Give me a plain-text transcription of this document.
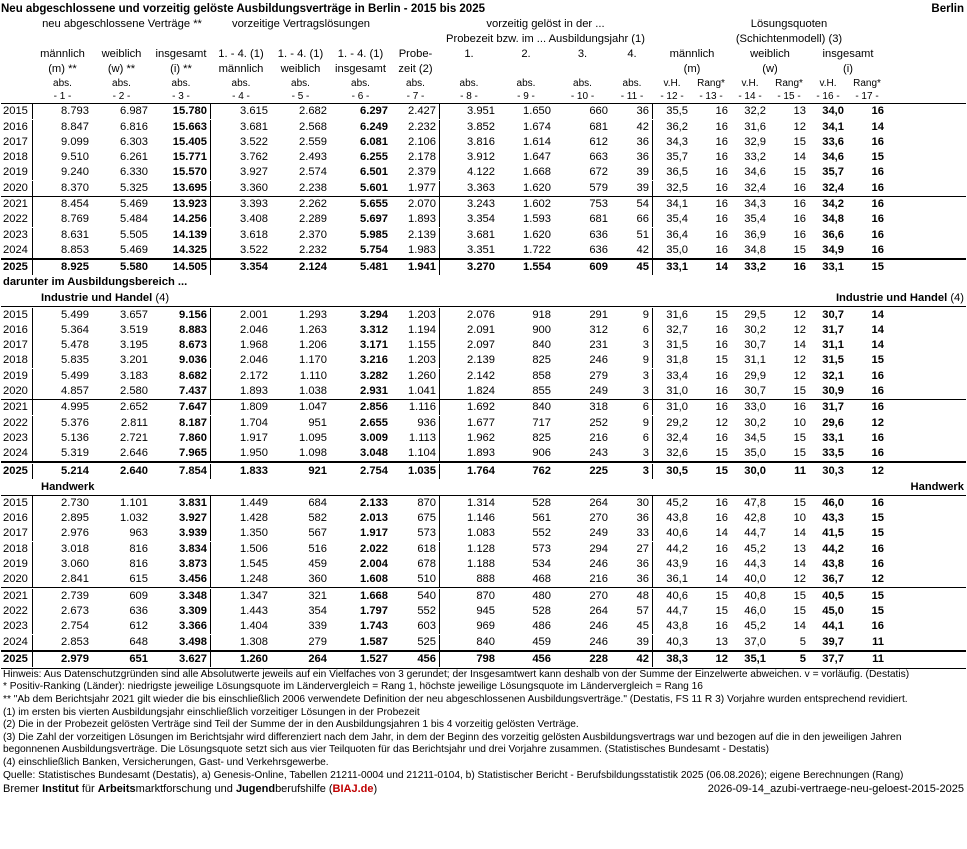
Neu abgeschlossene und vorzeitig gelöste Ausbildungsverträge in Berlin - 2015 bis 2025	Berlin
neu abgeschlossene Verträge **	vorzeitige Vertragslösungen	vorzeitig gelöst in der ...	Lösungsquoten
Probezeit bzw. im ... Ausbildungsjahr (1)	(Schichtenmodell) (3)
männlich	weiblich	insgesamt	1. - 4. (1)	1. - 4. (1)	1. - 4. (1)	Probe-	1.	2.	3.	4.	männlich	weiblich	insgesamt
(m) **	(w) **	(i) **	männlich	weiblich	insgesamt	zeit (2)	(m)	(w)	(i)
abs.	abs.	abs.	abs.	abs.	abs.	abs.	abs.	abs.	abs.	abs.	v.H.	Rang*	v.H.	Rang*	v.H.	Rang*
- 1 -	- 2 -	- 3 -	- 4 -	- 5 -	- 6 -	- 7 -	- 8 -	- 9 -	- 10 -	- 11 -	- 12 -	- 13 -	- 14 -	- 15 -	- 16 -	- 17 -
2015	8.793	6.987	15.780	3.615	2.682	6.297	2.427	3.951	1.650	660	36	35,5	16	32,2	13	34,0	16
2016	8.847	6.816	15.663	3.681	2.568	6.249	2.232	3.852	1.674	681	42	36,2	16	31,6	12	34,1	14
2017	9.099	6.303	15.405	3.522	2.559	6.081	2.106	3.816	1.614	612	36	34,3	16	32,9	15	33,6	16
2018	9.510	6.261	15.771	3.762	2.493	6.255	2.178	3.912	1.647	663	36	35,7	16	33,2	14	34,6	15
2019	9.240	6.330	15.570	3.927	2.574	6.501	2.379	4.122	1.668	672	39	36,5	16	34,6	15	35,7	16
2020	8.370	5.325	13.695	3.360	2.238	5.601	1.977	3.363	1.620	579	39	32,5	16	32,4	16	32,4	16
2021	8.454	5.469	13.923	3.393	2.262	5.655	2.070	3.243	1.602	753	54	34,1	16	34,3	16	34,2	16
2022	8.769	5.484	14.256	3.408	2.289	5.697	1.893	3.354	1.593	681	66	35,4	16	35,4	16	34,8	16
2023	8.631	5.505	14.139	3.618	2.370	5.985	2.139	3.681	1.620	636	51	36,4	16	36,9	16	36,6	16
2024	8.853	5.469	14.325	3.522	2.232	5.754	1.983	3.351	1.722	636	42	35,0	16	34,8	15	34,9	16
2025	8.925	5.580	14.505	3.354	2.124	5.481	1.941	3.270	1.554	609	45	33,1	14	33,2	16	33,1	15
darunter im Ausbildungsbereich ...
Industrie und Handel (4)	Industrie und Handel (4)
2015	5.499	3.657	9.156	2.001	1.293	3.294	1.203	2.076	918	291	9	31,6	15	29,5	12	30,7	14
2016	5.364	3.519	8.883	2.046	1.263	3.312	1.194	2.091	900	312	6	32,7	16	30,2	12	31,7	14
2017	5.478	3.195	8.673	1.968	1.206	3.171	1.155	2.097	840	231	3	31,5	16	30,7	14	31,1	14
2018	5.835	3.201	9.036	2.046	1.170	3.216	1.203	2.139	825	246	9	31,8	15	31,1	12	31,5	15
2019	5.499	3.183	8.682	2.172	1.110	3.282	1.260	2.142	858	279	3	33,4	16	29,9	12	32,1	16
2020	4.857	2.580	7.437	1.893	1.038	2.931	1.041	1.824	855	249	3	31,0	16	30,7	15	30,9	16
2021	4.995	2.652	7.647	1.809	1.047	2.856	1.116	1.692	840	318	6	31,0	16	33,0	16	31,7	16
2022	5.376	2.811	8.187	1.704	951	2.655	936	1.677	717	252	9	29,2	12	30,2	10	29,6	12
2023	5.136	2.721	7.860	1.917	1.095	3.009	1.113	1.962	825	216	6	32,4	16	34,5	15	33,1	16
2024	5.319	2.646	7.965	1.950	1.098	3.048	1.104	1.893	906	243	3	32,6	15	35,0	15	33,5	16
2025	5.214	2.640	7.854	1.833	921	2.754	1.035	1.764	762	225	3	30,5	15	30,0	11	30,3	12
Handwerk	Handwerk
2015	2.730	1.101	3.831	1.449	684	2.133	870	1.314	528	264	30	45,2	16	47,8	15	46,0	16
2016	2.895	1.032	3.927	1.428	582	2.013	675	1.146	561	270	36	43,8	16	42,8	10	43,3	15
2017	2.976	963	3.939	1.350	567	1.917	573	1.083	552	249	33	40,6	14	44,7	14	41,5	15
2018	3.018	816	3.834	1.506	516	2.022	618	1.128	573	294	27	44,2	16	45,2	13	44,2	16
2019	3.060	816	3.873	1.545	459	2.004	678	1.188	534	246	36	43,9	16	44,3	14	43,8	16
2020	2.841	615	3.456	1.248	360	1.608	510	888	468	216	36	36,1	14	40,0	12	36,7	12
2021	2.739	609	3.348	1.347	321	1.668	540	870	480	270	48	40,6	15	40,8	15	40,5	15
2022	2.673	636	3.309	1.443	354	1.797	552	945	528	264	57	44,7	15	46,0	15	45,0	15
2023	2.754	612	3.366	1.404	339	1.743	603	969	486	246	45	43,8	16	45,2	14	44,1	16
2024	2.853	648	3.498	1.308	279	1.587	525	840	459	246	39	40,3	13	37,0	5	39,7	11
2025	2.979	651	3.627	1.260	264	1.527	456	798	456	228	42	38,3	12	35,1	5	37,7	11
Hinweis: Aus Datenschutzgründen sind alle Absolutwerte jeweils auf ein Vielfaches von 3 gerundet; der Insgesamtwert kann deshalb von der Summe der Einzelwerte abweichen. v = vorläufig. (Destatis)
* Positiv-Ranking (Länder): niedrigste jeweilige Lösungsquote im Ländervergleich = Rang 1, höchste jeweilige Lösungsquote im Ländervergleich = Rang 16
** "Ab dem Berichtsjahr 2021 gilt wieder die bis einschließlich 2006 verwendete Definition der neu abgeschlossenen Ausbildungsverträge." (Destatis, FS 11 R 3) Vorjahre wurden entsprechend revidiert.
(1) im ersten bis vierten Ausbildungsjahr einschließlich vorzeitiger Lösungen in der Probezeit
(2) Die in der Probezeit gelösten Verträge sind Teil der Summe der in den Ausbildungsjahren 1 bis 4 vorzeitig gelösten Verträge.
(3) Die Zahl der vorzeitigen Lösungen im Berichtsjahr wird differenziert nach dem Jahr, in dem der Beginn des vorzeitig gelösten Ausbildungsvertrags war und bezogen auf die in den jeweiligen Jahren
begonnenen Ausbildungsverträge. Die Lösungsquote setzt sich aus vier Teilquoten für das Berichtsjahr und drei Vorjahre zusammen. (Statistisches Bundesamt - Destatis)
(4) einschließlich Banken, Versicherungen, Gast- und Verkehrsgewerbe.
Quelle: Statistisches Bundesamt (Destatis), a) Genesis-Online, Tabellen 21211-0004 und 21211-0104, b) Statistischer Bericht - Berufsbildungsstatistik 2025 (06.08.2026); eigene Berechnungen (Rang)
Bremer Institut für Arbeitsmarktforschung und Jugendberufshilfe (BIAJ.de)	2026-09-14_azubi-vertraege-neu-geloest-2015-2025
